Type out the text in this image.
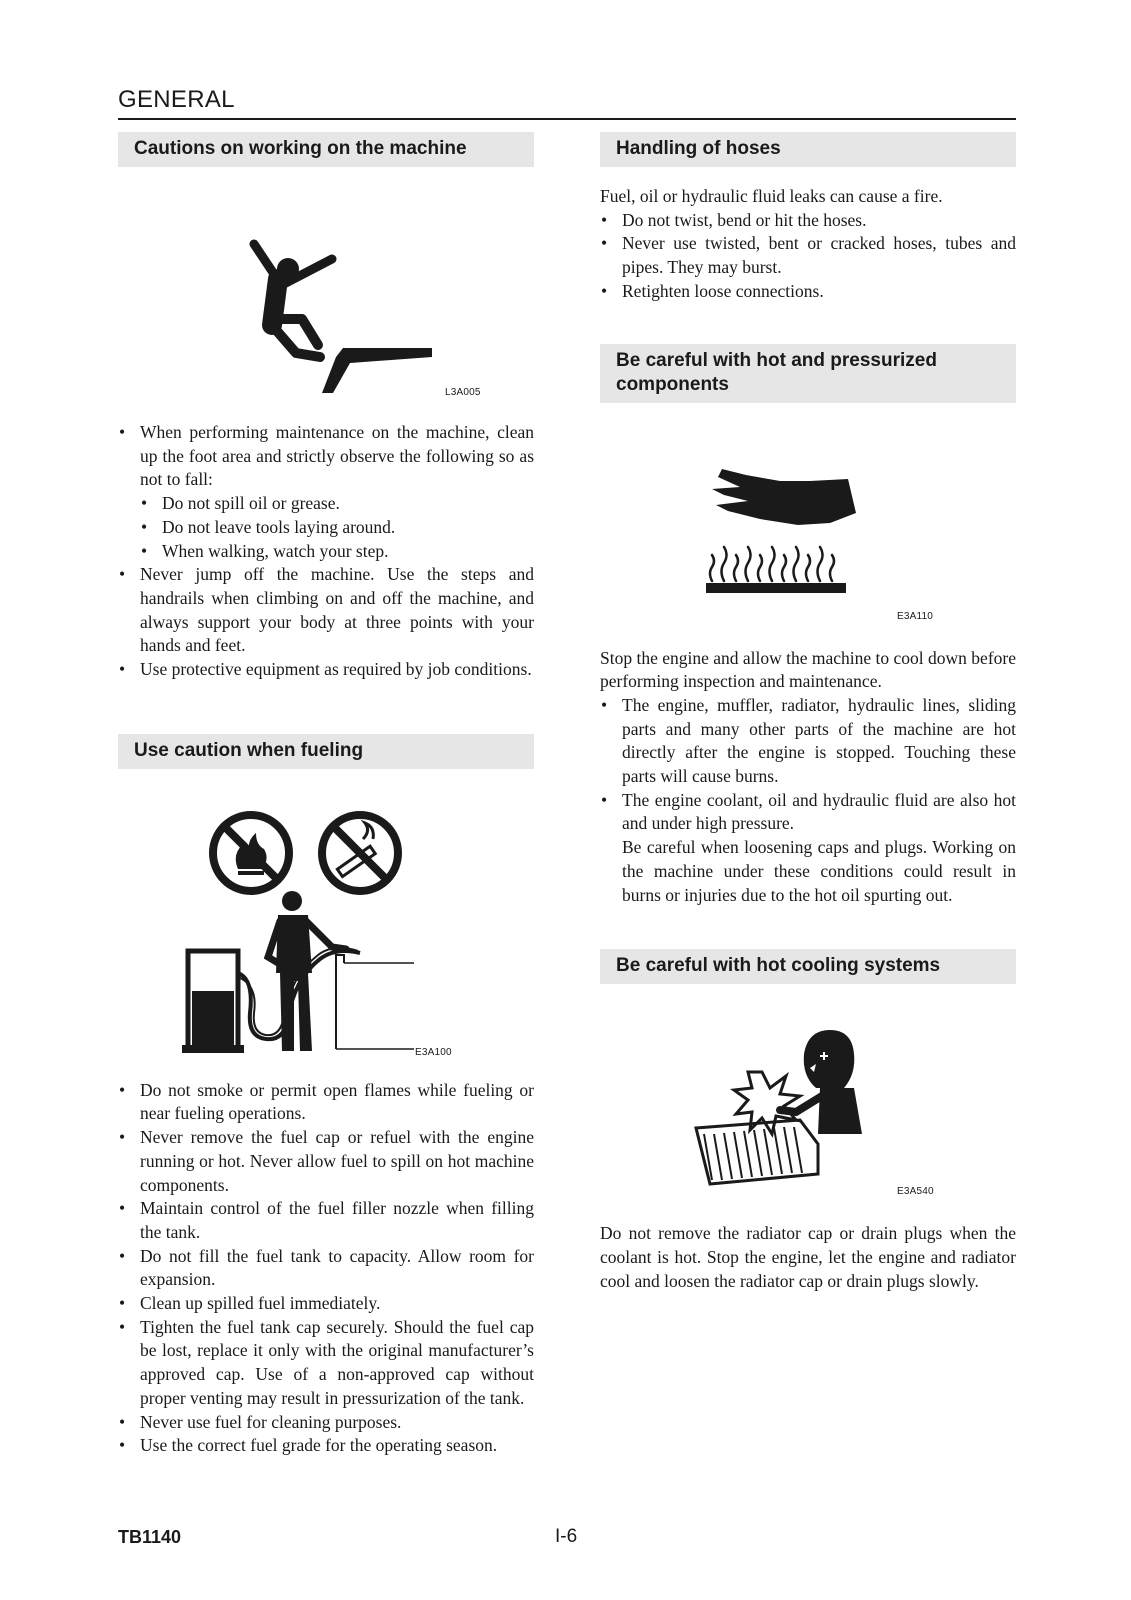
GENERAL
Cautions on working on the machine
L3A005
• When performing maintenance on the machine, clean up the foot area and strictly observe the following so as not to fall:
• Do not spill oil or grease.
• Do not leave tools laying around.
• When walking, watch your step.
• Never jump off the machine. Use the steps and handrails when climbing on and off the machine, and always support your body at three points with your hands and feet.
• Use protective equipment as required by job conditions.
Use caution when fueling
E3A100
• Do not smoke or permit open flames while fueling or near fueling operations.
• Never remove the fuel cap or refuel with the engine running or hot. Never allow fuel to spill on hot machine components.
• Maintain control of the fuel filler nozzle when filling the tank.
• Do not fill the fuel tank to capacity. Allow room for expansion.
• Clean up spilled fuel immediately.
• Tighten the fuel tank cap securely. Should the fuel cap be lost, replace it only with the original manufacturer’s approved cap. Use of a non-approved cap without proper venting may result in pressurization of the tank.
• Never use fuel for cleaning purposes.
• Use the correct fuel grade for the operating season.
Handling of hoses

Fuel, oil or hydraulic fluid leaks can cause a fire.

• Do not twist, bend or hit the hoses.
• Never use twisted, bent or cracked hoses, tubes and pipes. They may burst.
• Retighten loose connections.
Be careful with hot and pressurized components
E3A110

Stop the engine and allow the machine to cool down before performing inspection and maintenance.

• The engine, muffler, radiator, hydraulic lines, sliding parts and many other parts of the machine are hot directly after the engine is stopped. Touching these parts will cause burns.
• The engine coolant, oil and hydraulic fluid are also hot and under high pressure.
Be careful when loosening caps and plugs. Working on the machine under these conditions could result in burns or injuries due to the hot oil spurting out.
Be careful with hot cooling systems
E3A540

Do not remove the radiator cap or drain plugs when the coolant is hot. Stop the engine, let the engine and radiator cool and loosen the radiator cap or drain plugs slowly.

TB1140	I-6
